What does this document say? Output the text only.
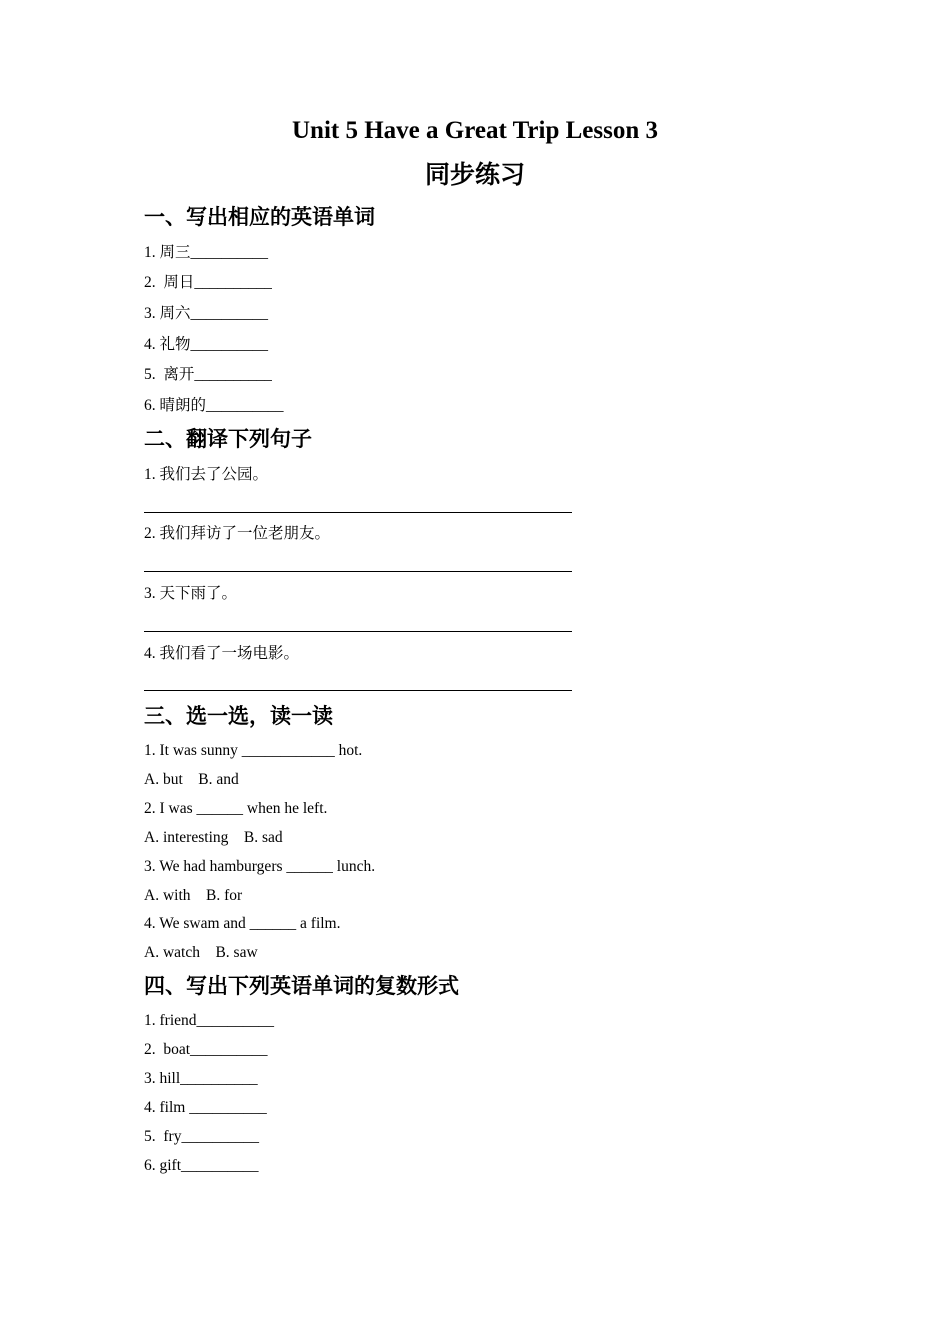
Unit 5 Have a Great Trip Lesson 3
同步练习
一、写出相应的英语单词
1. 周三__________
2.  周日__________
3. 周六__________
4. 礼物__________
5.  离开__________
6. 晴朗的__________
二、翻译下列句子
1. 我们去了公园。
2. 我们拜访了一位老朋友。
3. 天下雨了。
4. 我们看了一场电影。
三、选一选，读一读
1. It was sunny ____________ hot.
A. but    B. and
2. I was ______ when he left.
A. interesting    B. sad
3. We had hamburgers ______ lunch.
A. with    B. for
4. We swam and ______ a film.
A. watch    B. saw
四、写出下列英语单词的复数形式
1. friend__________
2.  boat__________
3. hill__________
4. film __________
5.  fry__________
6. gift__________
